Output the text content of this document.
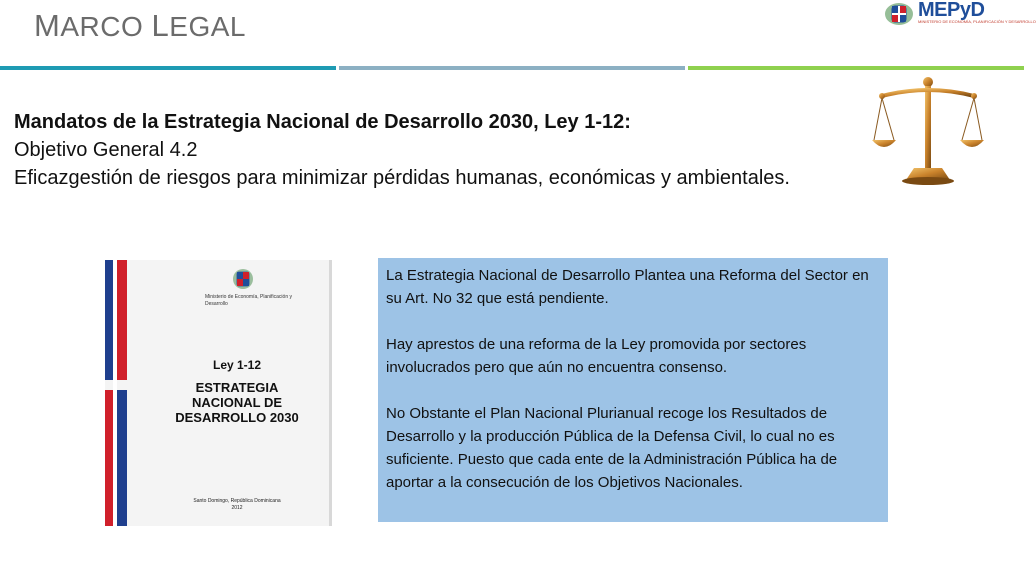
MARCO LEGAL
MEPyD
MINISTERIO DE ECONOMÍA, PLANIFICACIÓN Y DESARROLLO
Mandatos de la Estrategia Nacional de Desarrollo 2030, Ley 1-12:
Objetivo General 4.2
Eficazgestión de riesgos para minimizar pérdidas humanas, económicas y ambientales.
Ministerio de Economía, Planificación y Desarrollo
Ley 1-12
ESTRATEGIA
NACIONAL DE
DESARROLLO 2030
Santo Domingo, República Dominicana
2012

La Estrategia Nacional de Desarrollo Plantea una Reforma del Sector en su Art. No 32 que está pendiente.

Hay aprestos de una reforma de la Ley promovida por sectores involucrados pero que aún no encuentra consenso.

No Obstante el Plan Nacional Plurianual recoge los Resultados de Desarrollo y la producción Pública de la Defensa Civil, lo cual no es suficiente. Puesto que cada ente de la Administración Pública ha de aportar a la consecución de los Objetivos Nacionales.
